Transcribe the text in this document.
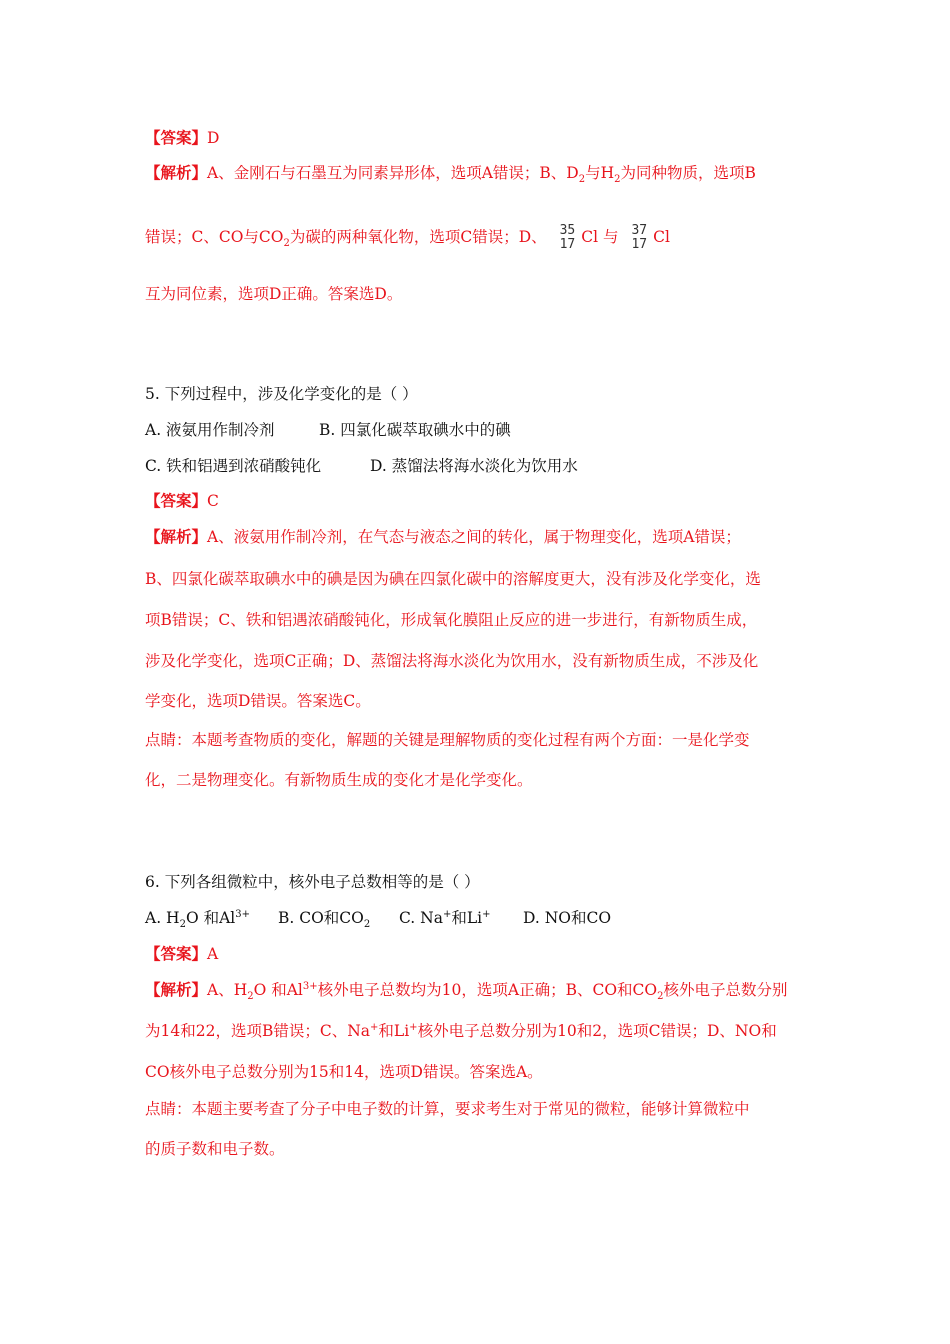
【答案】D
【解析】A、金刚石与石墨互为同素异形体，选项A错误；B、$D_2$与$H_2$为同种物质，选项B
错误；C、CO与$CO_2$为碳的两种氧化物，选项C错误；D、 35
17 Cl 与 37
17 Cl
互为同位素，选项D正确。答案选D。
5. 下列过程中，涉及化学变化的是（ ）
A. 液氨用作制冷剂	B. 四氯化碳萃取碘水中的碘
C. 铁和铝遇到浓硝酸钝化	D. 蒸馏法将海水淡化为饮用水
【答案】C
【解析】A、液氨用作制冷剂，在气态与液态之间的转化，属于物理变化，选项A错误；
B、四氯化碳萃取碘水中的碘是因为碘在四氯化碳中的溶解度更大，没有涉及化学变化，选
项B错误；C、铁和铝遇浓硝酸钝化，形成氧化膜阻止反应的进一步进行，有新物质生成，
涉及化学变化，选项C正确；D、蒸馏法将海水淡化为饮用水，没有新物质生成，不涉及化
学变化，选项D错误。答案选C。
点睛：本题考查物质的变化，解题的关键是理解物质的变化过程有两个方面：一是化学变
化，二是物理变化。有新物质生成的变化才是化学变化。
6. 下列各组微粒中，核外电子总数相等的是（ ）
A. $H_2O$ 和$Al^{3+}$ B. CO和$CO_2$ C. Na+和Li+ D. NO和CO
【答案】A
【解析】A、$H_2O$ 和$Al^{3+}$核外电子总数均为10，选项A正确；B、CO和$CO_2$核外电子总数分别
为14和22，选项B错误；C、Na+和Li+核外电子总数分别为10和2，选项C错误；D、NO和
CO核外电子总数分别为15和14，选项D错误。答案选A。
点睛：本题主要考查了分子中电子数的计算，要求考生对于常见的微粒，能够计算微粒中
的质子数和电子数。
